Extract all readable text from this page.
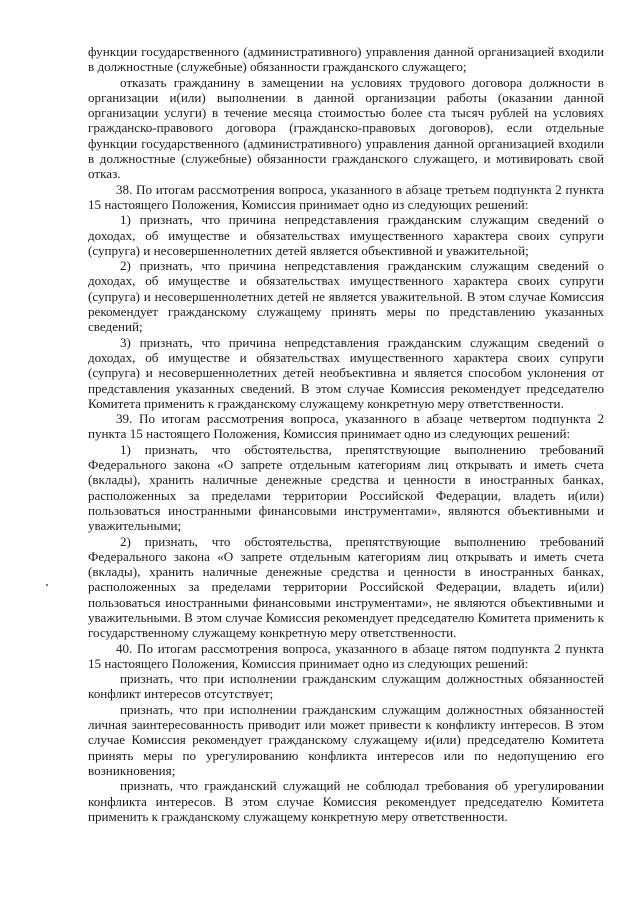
функции государственного (административного) управления данной организацией входили в должностные (служебные) обязанности гражданского служащего;

отказать гражданину в замещении на условиях трудового договора должности в организации и(или) выполнении в данной организации работы (оказании данной организации услуги) в течение месяца стоимостью более ста тысяч рублей на условиях гражданско-правового договора (гражданско-правовых договоров), если отдельные функции государственного (административного) управления данной организацией входили в должностные (служебные) обязанности гражданского служащего, и мотивировать свой отказ.

38. По итогам рассмотрения вопроса, указанного в абзаце третьем подпункта 2 пункта 15 настоящего Положения, Комиссия принимает одно из следующих решений:

1) признать, что причина непредставления гражданским служащим сведений о доходах, об имуществе и обязательствах имущественного характера своих супруги (супруга) и несовершеннолетних детей является объективной и уважительной;

2) признать, что причина непредставления гражданским служащим сведений о доходах, об имуществе и обязательствах имущественного характера своих супруги (супруга) и несовершеннолетних детей не является уважительной. В этом случае Комиссия рекомендует гражданскому служащему принять меры по представлению указанных сведений;

3) признать, что причина непредставления гражданским служащим сведений о доходах, об имуществе и обязательствах имущественного характера своих супруги (супруга) и несовершеннолетних детей необъективна и является способом уклонения от представления указанных сведений. В этом случае Комиссия рекомендует председателю Комитета применить к гражданскому служащему конкретную меру ответственности.

39. По итогам рассмотрения вопроса, указанного в абзаце четвертом подпункта 2 пункта 15 настоящего Положения, Комиссия принимает одно из следующих решений:

1) признать, что обстоятельства, препятствующие выполнению требований Федерального закона «О запрете отдельным категориям лиц открывать и иметь счета (вклады), хранить наличные денежные средства и ценности в иностранных банках, расположенных за пределами территории Российской Федерации, владеть и(или) пользоваться иностранными финансовыми инструментами», являются объективными и уважительными;

2) признать, что обстоятельства, препятствующие выполнению требований Федерального закона «О запрете отдельным категориям лиц открывать и иметь счета (вклады), хранить наличные денежные средства и ценности в иностранных банках, расположенных за пределами территории Российской Федерации, владеть и(или) пользоваться иностранными финансовыми инструментами», не являются объективными и уважительными. В этом случае Комиссия рекомендует председателю Комитета применить к государственному служащему конкретную меру ответственности.

40. По итогам рассмотрения вопроса, указанного в абзаце пятом подпункта 2 пункта 15 настоящего Положения, Комиссия принимает одно из следующих решений:

признать, что при исполнении гражданским служащим должностных обязанностей конфликт интересов отсутствует;

признать, что при исполнении гражданским служащим должностных обязанностей личная заинтересованность приводит или может привести к конфликту интересов. В этом случае Комиссия рекомендует гражданскому служащему и(или) председателю Комитета принять меры по урегулированию конфликта интересов или по недопущению его возникновения;

признать, что гражданский служащий не соблюдал требования об урегулировании конфликта интересов. В этом случае Комиссия рекомендует председателю Комитета применить к гражданскому служащему конкретную меру ответственности.
